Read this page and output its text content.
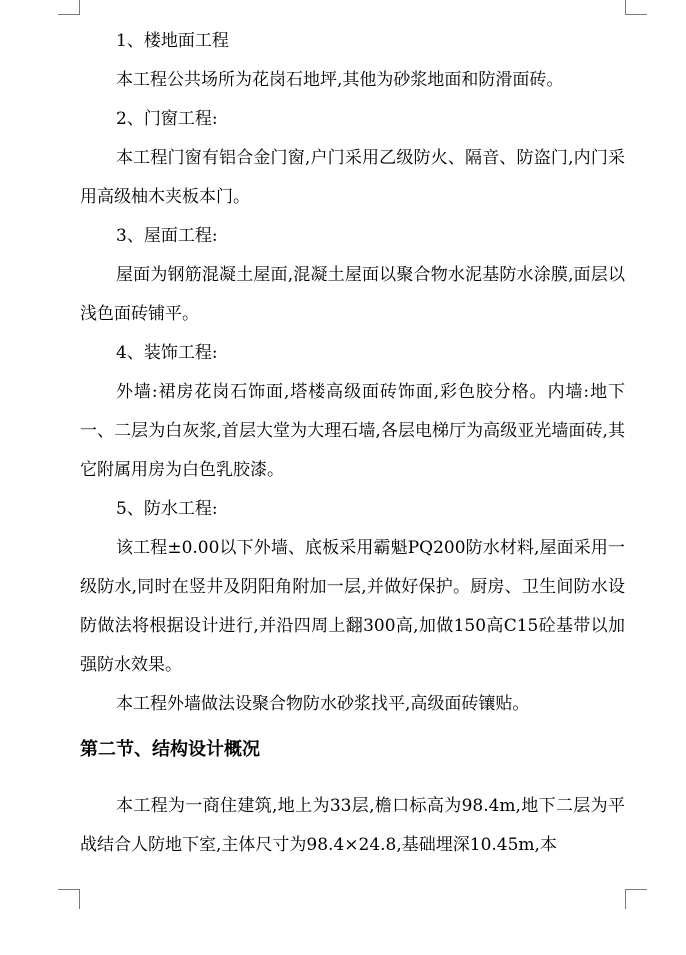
1、楼地面工程

本工程公共场所为花岗石地坪,其他为砂浆地面和防滑面砖。

2、门窗工程:

本工程门窗有铝合金门窗,户门采用乙级防火、隔音、防盗门,内门采用高级柚木夹板本门。

3、屋面工程:

屋面为钢筋混凝土屋面,混凝土屋面以聚合物水泥基防水涂膜,面层以浅色面砖铺平。

4、装饰工程:

外墙:裙房花岗石饰面,塔楼高级面砖饰面,彩色胶分格。内墙:地下一、二层为白灰浆,首层大堂为大理石墙,各层电梯厅为高级亚光墙面砖,其它附属用房为白色乳胶漆。

5、防水工程:

该工程±0.00以下外墙、底板采用霸魁PQ200防水材料,屋面采用一级防水,同时在竖井及阴阳角附加一层,并做好保护。厨房、卫生间防水设防做法将根据设计进行,并沿四周上翻300高,加做150高C15砼基带以加强防水效果。

本工程外墙做法设聚合物防水砂浆找平,高级面砖镶贴。

第二节、结构设计概况

本工程为一商住建筑,地上为33层,檐口标高为98.4m,地下二层为平战结合人防地下室,主体尺寸为98.4×24.8,基础埋深10.45m,本
